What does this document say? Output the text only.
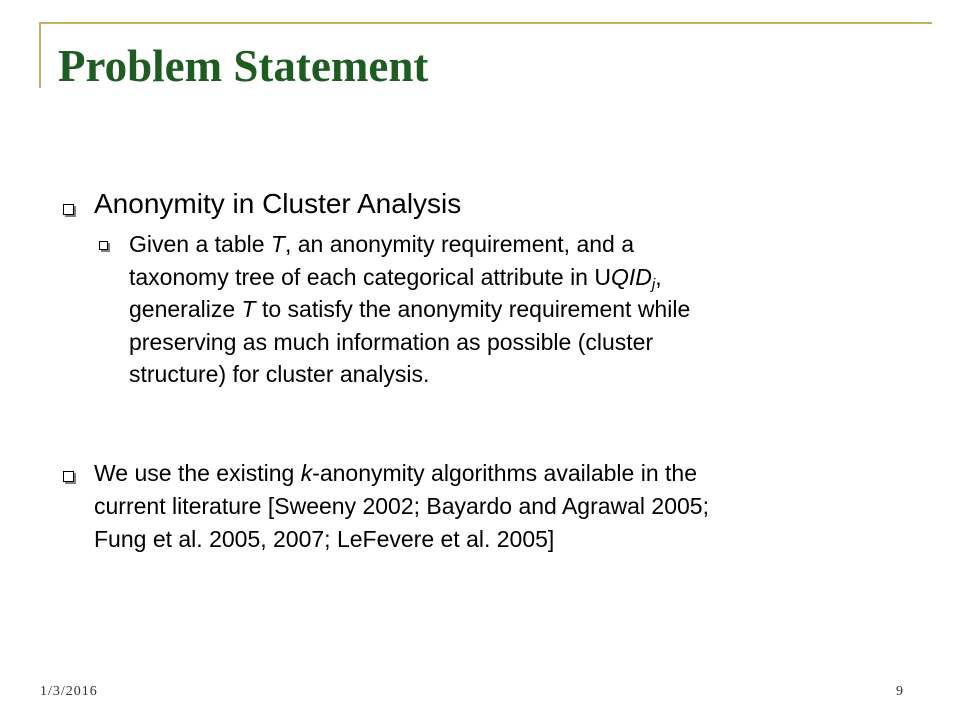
Problem Statement
Anonymity in Cluster Analysis
Given a table T, an anonymity requirement, and a
taxonomy tree of each categorical attribute in $UQID_j$,
generalize T to satisfy the anonymity requirement while
preserving as much information as possible (cluster
structure) for cluster analysis.
We use the existing k-anonymity algorithms available in the
current literature [Sweeny 2002; Bayardo and Agrawal 2005;
Fung et al. 2005, 2007; LeFevere et al. 2005]
1/3/2016	9
